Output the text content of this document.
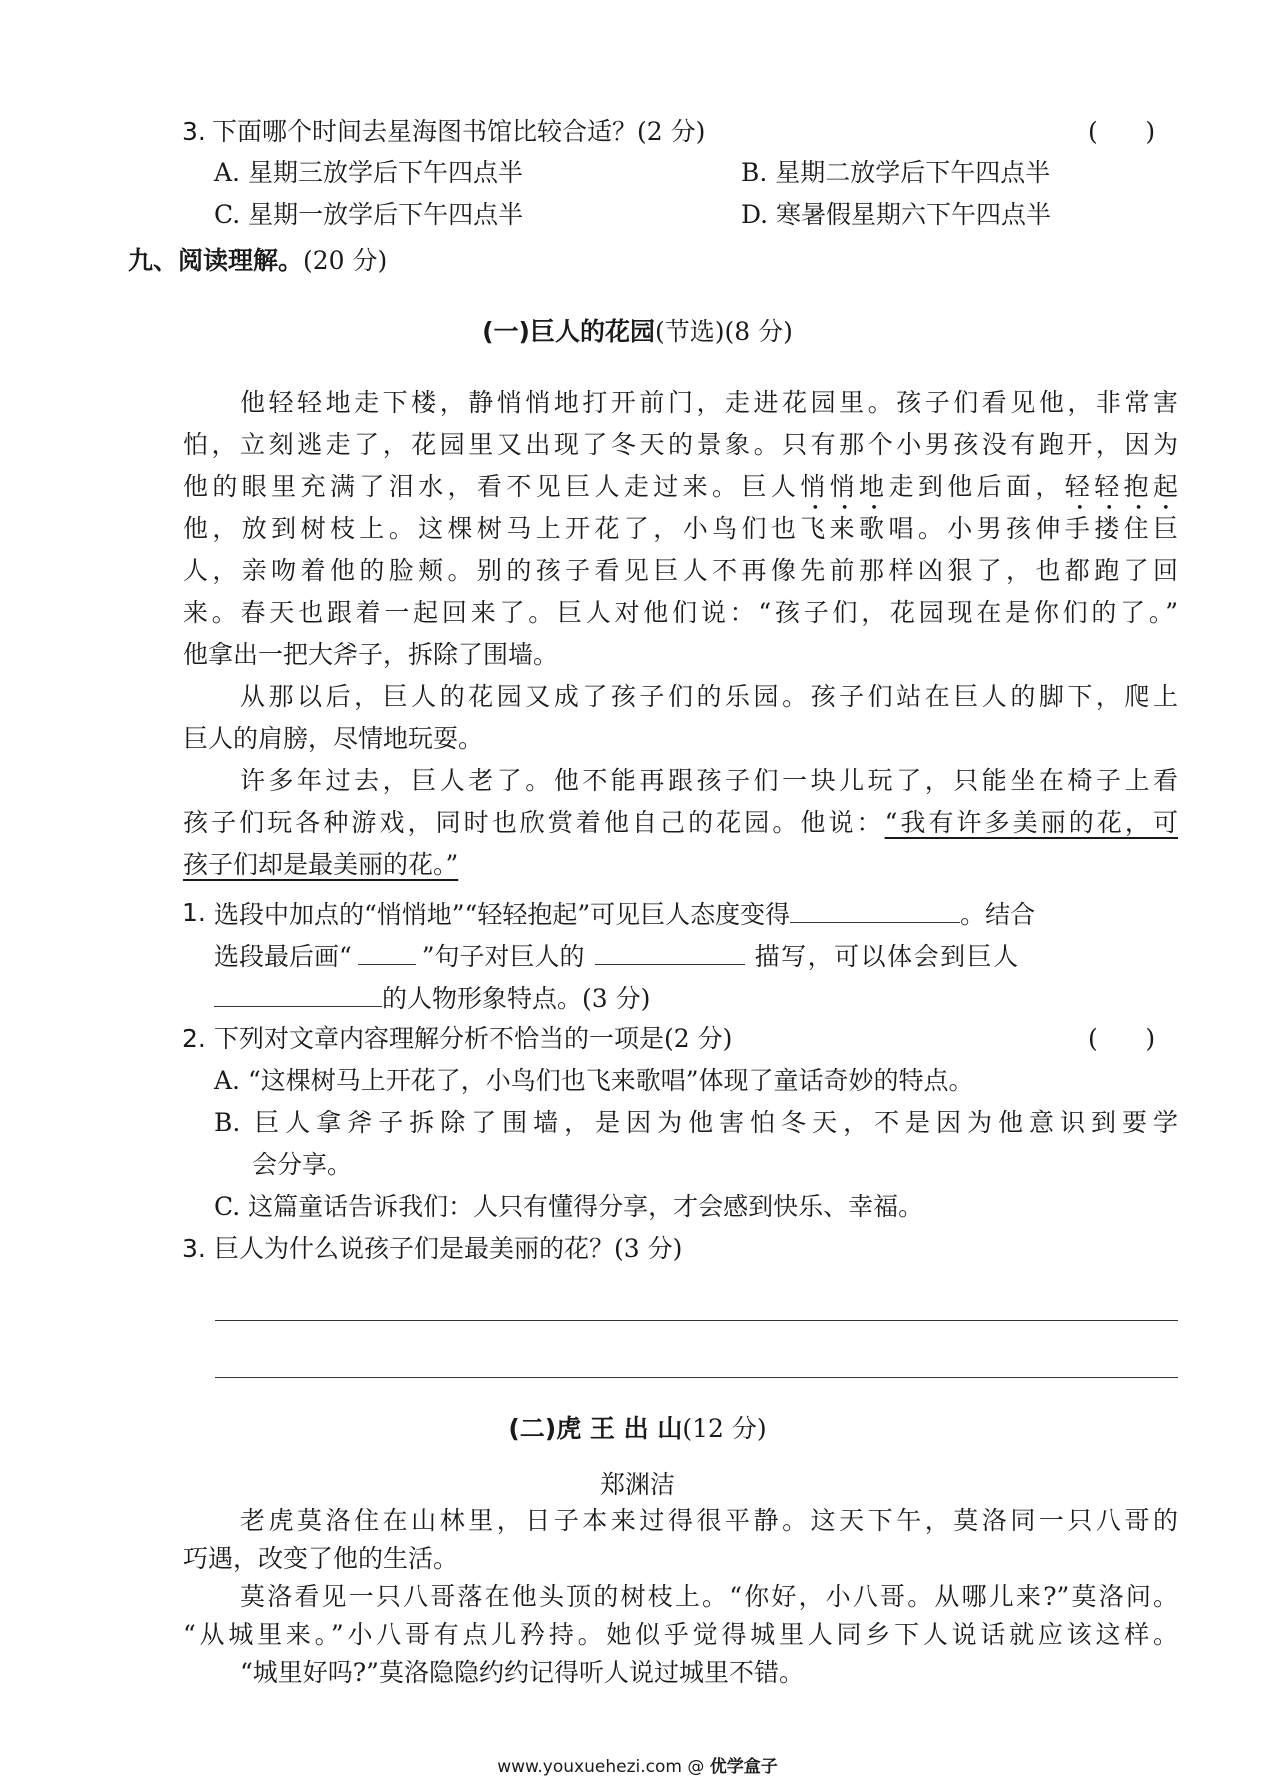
3. 下面哪个时间去星海图书馆比较合适？(2 分)	(      )
A. 星期三放学后下午四点半	B. 星期二放学后下午四点半
C. 星期一放学后下午四点半	D. 寒暑假星期六下午四点半
九、阅读理解。(20 分)
(一)巨人的花园(节选)(8 分)
他轻轻地走下楼，静悄悄地打开前门，走进花园里。孩子们看见他，非常害
怕，立刻逃走了，花园里又出现了冬天的景象。只有那个小男孩没有跑开，因为
他的眼里充满了泪水，看不见巨人走过来。巨人悄悄地走到他后面，轻轻抱起
他，放到树枝上。这棵树马上开花了，小鸟们也飞来歌唱。小男孩伸手搂住巨
人，亲吻着他的脸颊。别的孩子看见巨人不再像先前那样凶狠了，也都跑了回
来。春天也跟着一起回来了。巨人对他们说：“孩子们，花园现在是你们的了。”
他拿出一把大斧子，拆除了围墙。
从那以后，巨人的花园又成了孩子们的乐园。孩子们站在巨人的脚下，爬上
巨人的肩膀，尽情地玩耍。
许多年过去，巨人老了。他不能再跟孩子们一块儿玩了，只能坐在椅子上看
孩子们玩各种游戏，同时也欣赏着他自己的花园。他说：“我有许多美丽的花，可
孩子们却是最美丽的花。”
1. 选段中加点的“悄悄地”“轻轻抱起”可见巨人态度变得	。结合
选段最后画“	”句子对巨人的	描写，可以体会到巨人
的人物形象特点。(3 分)
2. 下列对文章内容理解分析不恰当的一项是(2 分)	(      )
A. “这棵树马上开花了，小鸟们也飞来歌唱”体现了童话奇妙的特点。
B. 巨人拿斧子拆除了围墙，是因为他害怕冬天，不是因为他意识到要学
会分享。
C. 这篇童话告诉我们：人只有懂得分享，才会感到快乐、幸福。
3. 巨人为什么说孩子们是最美丽的花？(3 分)
(二)虎 王 出 山(12 分)
郑渊洁
老虎莫洛住在山林里，日子本来过得很平静。这天下午，莫洛同一只八哥的
巧遇，改变了他的生活。
莫洛看见一只八哥落在他头顶的树枝上。“你好，小八哥。从哪儿来?”莫洛问。
“从城里来。”小八哥有点儿矜持。她似乎觉得城里人同乡下人说话就应该这样。
“城里好吗?”莫洛隐隐约约记得听人说过城里不错。
www.youxuehezi.com @ 优学盒子
